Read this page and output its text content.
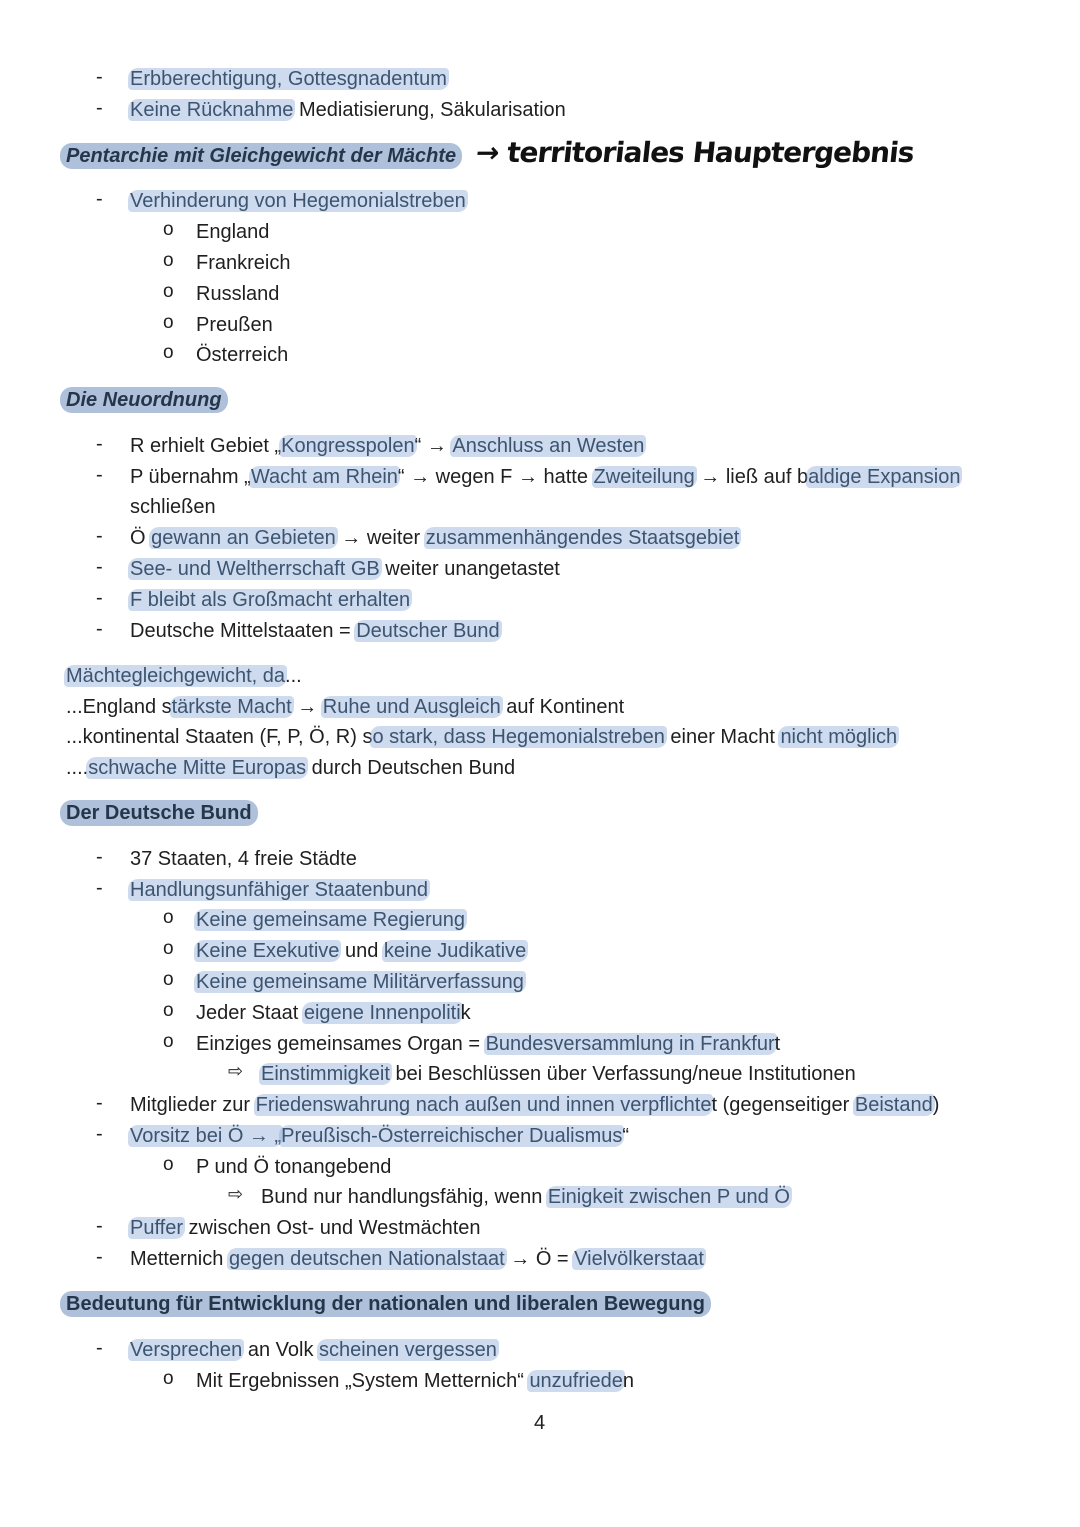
- Erbberechtigung, Gottesgnadentum
- Keine Rücknahme Mediatisierung, Säkularisation
Pentarchie mit Gleichgewicht der Mächte → territoriales Hauptergebnis
- Verhinderung von Hegemonialstreben
o England
o Frankreich
o Russland
o Preußen
o Österreich
Die Neuordnung
- R erhielt Gebiet „Kongresspolen“ → Anschluss an Westen
- P übernahm „Wacht am Rhein“ → wegen F → hatte Zweiteilung → ließ auf baldige Expansion
schließen
- Ö gewann an Gebieten → weiter zusammenhängendes Staatsgebiet
- See- und Weltherrschaft GB weiter unangetastet
- F bleibt als Großmacht erhalten
- Deutsche Mittelstaaten = Deutscher Bund
Mächtegleichgewicht, da...
...England stärkste Macht → Ruhe und Ausgleich auf Kontinent
...kontinental Staaten (F, P, Ö, R) so stark, dass Hegemonialstreben einer Macht nicht möglich
....schwache Mitte Europas durch Deutschen Bund
Der Deutsche Bund
- 37 Staaten, 4 freie Städte
- Handlungsunfähiger Staatenbund
o Keine gemeinsame Regierung
o Keine Exekutive und keine Judikative
o Keine gemeinsame Militärverfassung
o Jeder Staat eigene Innenpolitik
o Einziges gemeinsames Organ = Bundesversammlung in Frankfurt
⇨ Einstimmigkeit bei Beschlüssen über Verfassung/neue Institutionen
- Mitglieder zur Friedenswahrung nach außen und innen verpflichtet (gegenseitiger Beistand)
- Vorsitz bei Ö → „Preußisch-Österreichischer Dualismus“
o P und Ö tonangebend
⇨ Bund nur handlungsfähig, wenn Einigkeit zwischen P und Ö
- Puffer zwischen Ost- und Westmächten
- Metternich gegen deutschen Nationalstaat → Ö = Vielvölkerstaat
Bedeutung für Entwicklung der nationalen und liberalen Bewegung
- Versprechen an Volk scheinen vergessen
o Mit Ergebnissen „System Metternich“ unzufrieden
4
